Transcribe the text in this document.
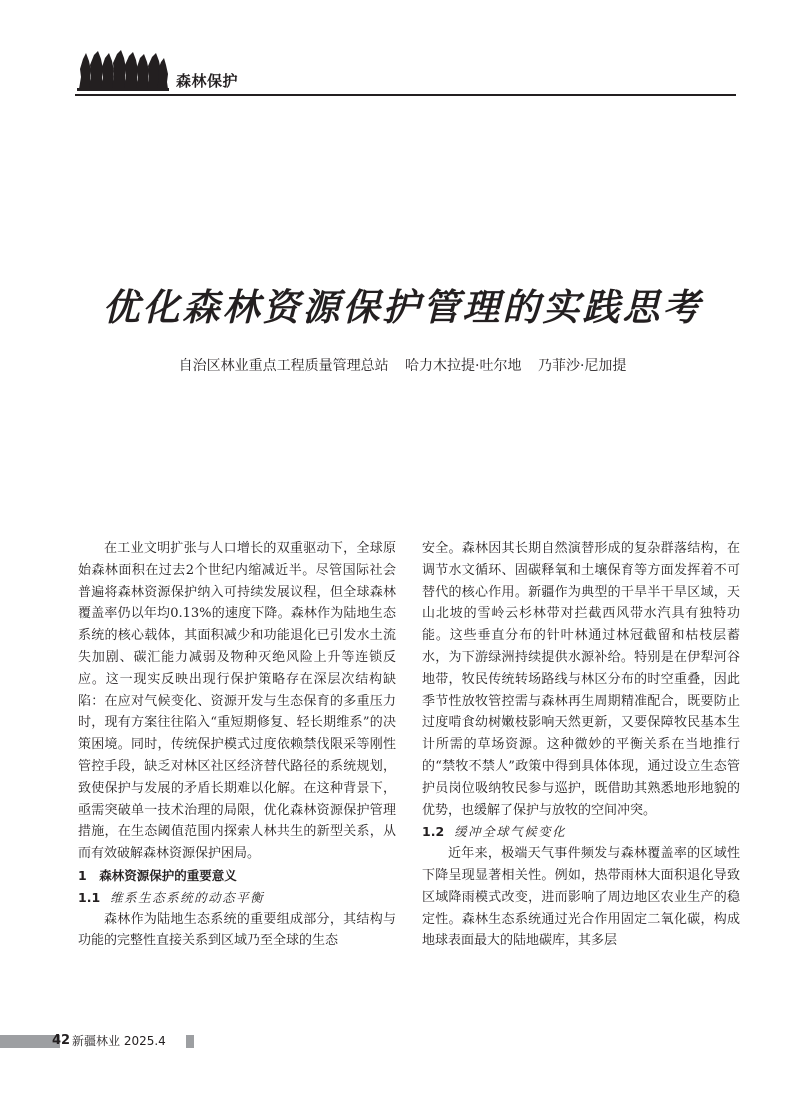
森林保护
优化森林资源保护管理的实践思考
自治区林业重点工程质量管理总站 哈力木拉提·吐尔地 乃菲沙·尼加提

在工业文明扩张与人口增长的双重驱动下，全球原始森林面积在过去2个世纪内缩减近半。尽管国际社会普遍将森林资源保护纳入可持续发展议程，但全球森林覆盖率仍以年均0.13%的速度下降。森林作为陆地生态系统的核心载体，其面积减少和功能退化已引发水土流失加剧、碳汇能力减弱及物种灭绝风险上升等连锁反应。这一现实反映出现行保护策略存在深层次结构缺陷：在应对气候变化、资源开发与生态保育的多重压力时，现有方案往往陷入“重短期修复、轻长期维系”的决策困境。同时，传统保护模式过度依赖禁伐限采等刚性管控手段，缺乏对林区社区经济替代路径的系统规划，致使保护与发展的矛盾长期难以化解。在这种背景下，亟需突破单一技术治理的局限，优化森林资源保护管理措施，在生态阈值范围内探索人林共生的新型关系，从而有效破解森林资源保护困局。

1　森林资源保护的重要意义
1.1 维系生态系统的动态平衡

森林作为陆地生态系统的重要组成部分，其结构与功能的完整性直接关系到区域乃至全球的生态

安全。森林因其长期自然演替形成的复杂群落结构，在调节水文循环、固碳释氧和土壤保育等方面发挥着不可替代的核心作用。新疆作为典型的干旱半干旱区域，天山北坡的雪岭云杉林带对拦截西风带水汽具有独特功能。这些垂直分布的针叶林通过林冠截留和枯枝层蓄水，为下游绿洲持续提供水源补给。特别是在伊犁河谷地带，牧民传统转场路线与林区分布的时空重叠，因此季节性放牧管控需与森林再生周期精准配合，既要防止过度啃食幼树嫩枝影响天然更新，又要保障牧民基本生计所需的草场资源。这种微妙的平衡关系在当地推行的“禁牧不禁人”政策中得到具体体现，通过设立生态管护员岗位吸纳牧民参与巡护，既借助其熟悉地形地貌的优势，也缓解了保护与放牧的空间冲突。

1.2 缓冲全球气候变化

近年来，极端天气事件频发与森林覆盖率的区域性下降呈现显著相关性。例如，热带雨林大面积退化导致区域降雨模式改变，进而影响了周边地区农业生产的稳定性。森林生态系统通过光合作用固定二氧化碳，构成地球表面最大的陆地碳库，其多层

42 新疆林业 2025.4
